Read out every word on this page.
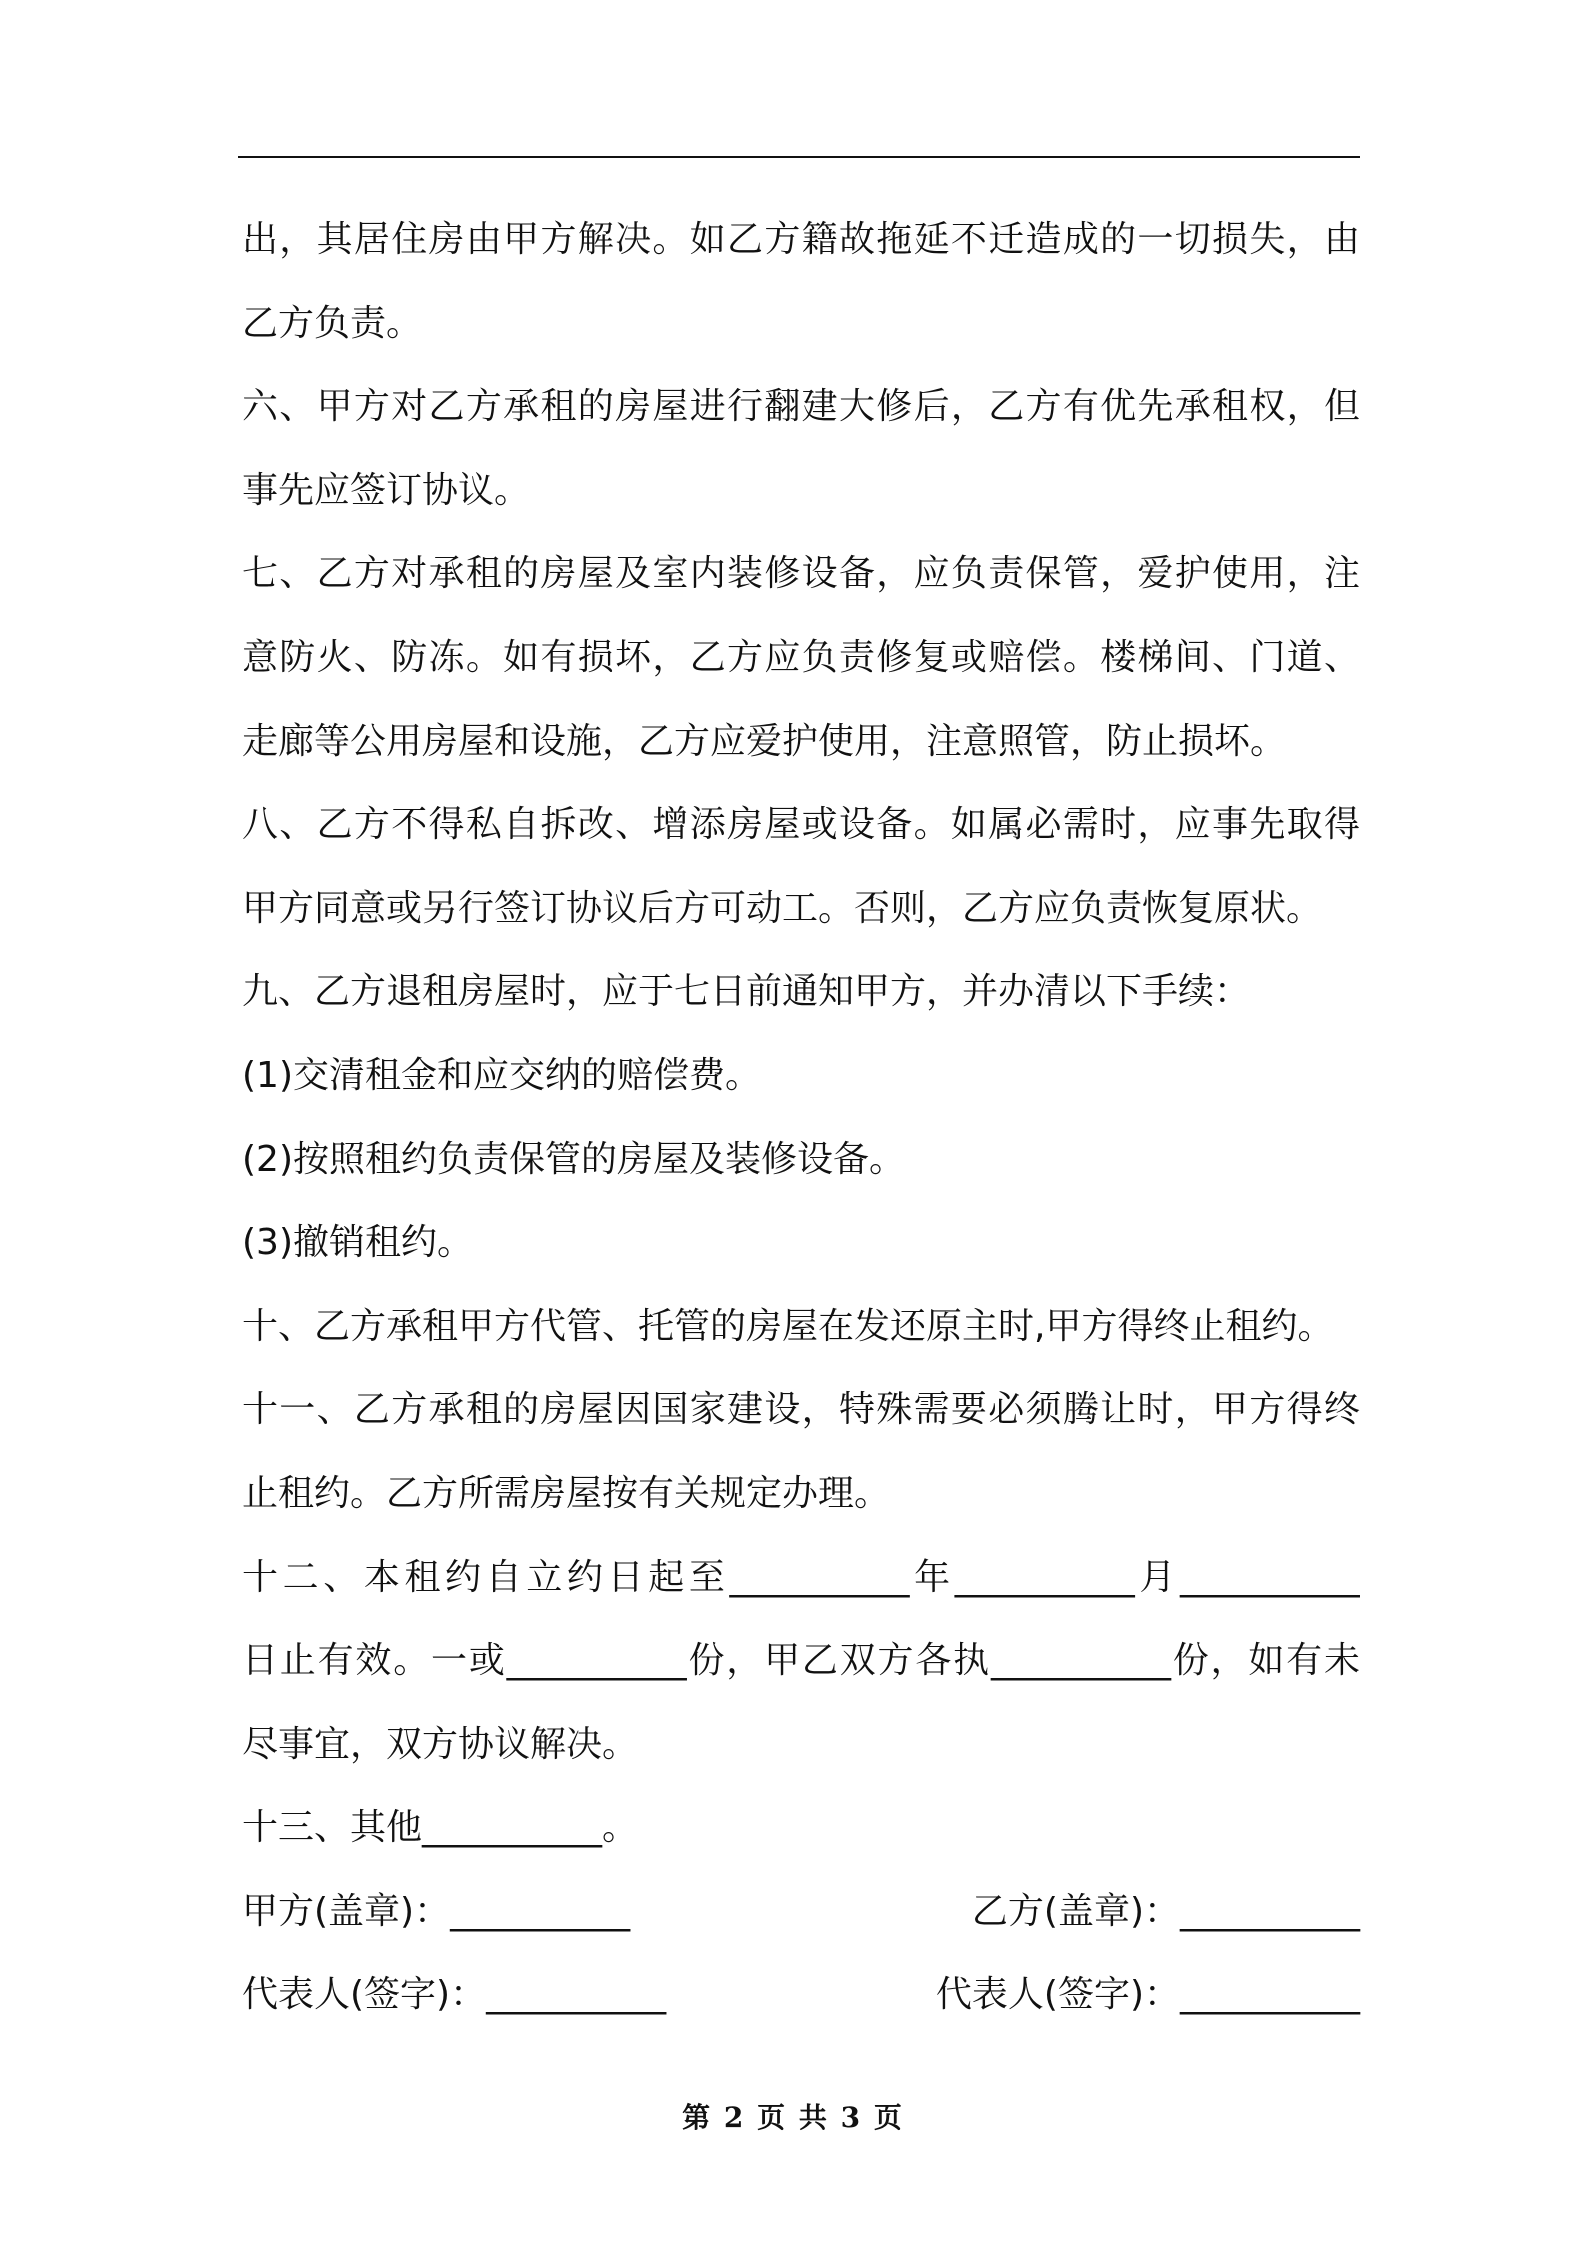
出，其居住房由甲方解决。如乙方籍故拖延不迁造成的一切损失，由
乙方负责。
六、甲方对乙方承租的房屋进行翻建大修后，乙方有优先承租权，但
事先应签订协议。
七、乙方对承租的房屋及室内装修设备，应负责保管，爱护使用，注
意防火、防冻。如有损坏，乙方应负责修复或赔偿。楼梯间、门道、
走廊等公用房屋和设施，乙方应爱护使用，注意照管，防止损坏。
八、乙方不得私自拆改、增添房屋或设备。如属必需时，应事先取得
甲方同意或另行签订协议后方可动工。否则，乙方应负责恢复原状。
九、乙方退租房屋时，应于七日前通知甲方，并办清以下手续：
(1)交清租金和应交纳的赔偿费。
(2)按照租约负责保管的房屋及装修设备。
(3)撤销租约。
十、乙方承租甲方代管、托管的房屋在发还原主时,甲方得终止租约。
十一、乙方承租的房屋因国家建设，特殊需要必须腾让时，甲方得终
止租约。乙方所需房屋按有关规定办理。
十二、本租约自立约日起至__________年__________月__________
日止有效。一或__________份，甲乙双方各执__________份，如有未
尽事宜，双方协议解决。
十三、其他__________。
甲方(盖章)：__________	乙方(盖章)：__________
代表人(签字)：__________	代表人(签字)：__________
第 2 页 共 3 页
